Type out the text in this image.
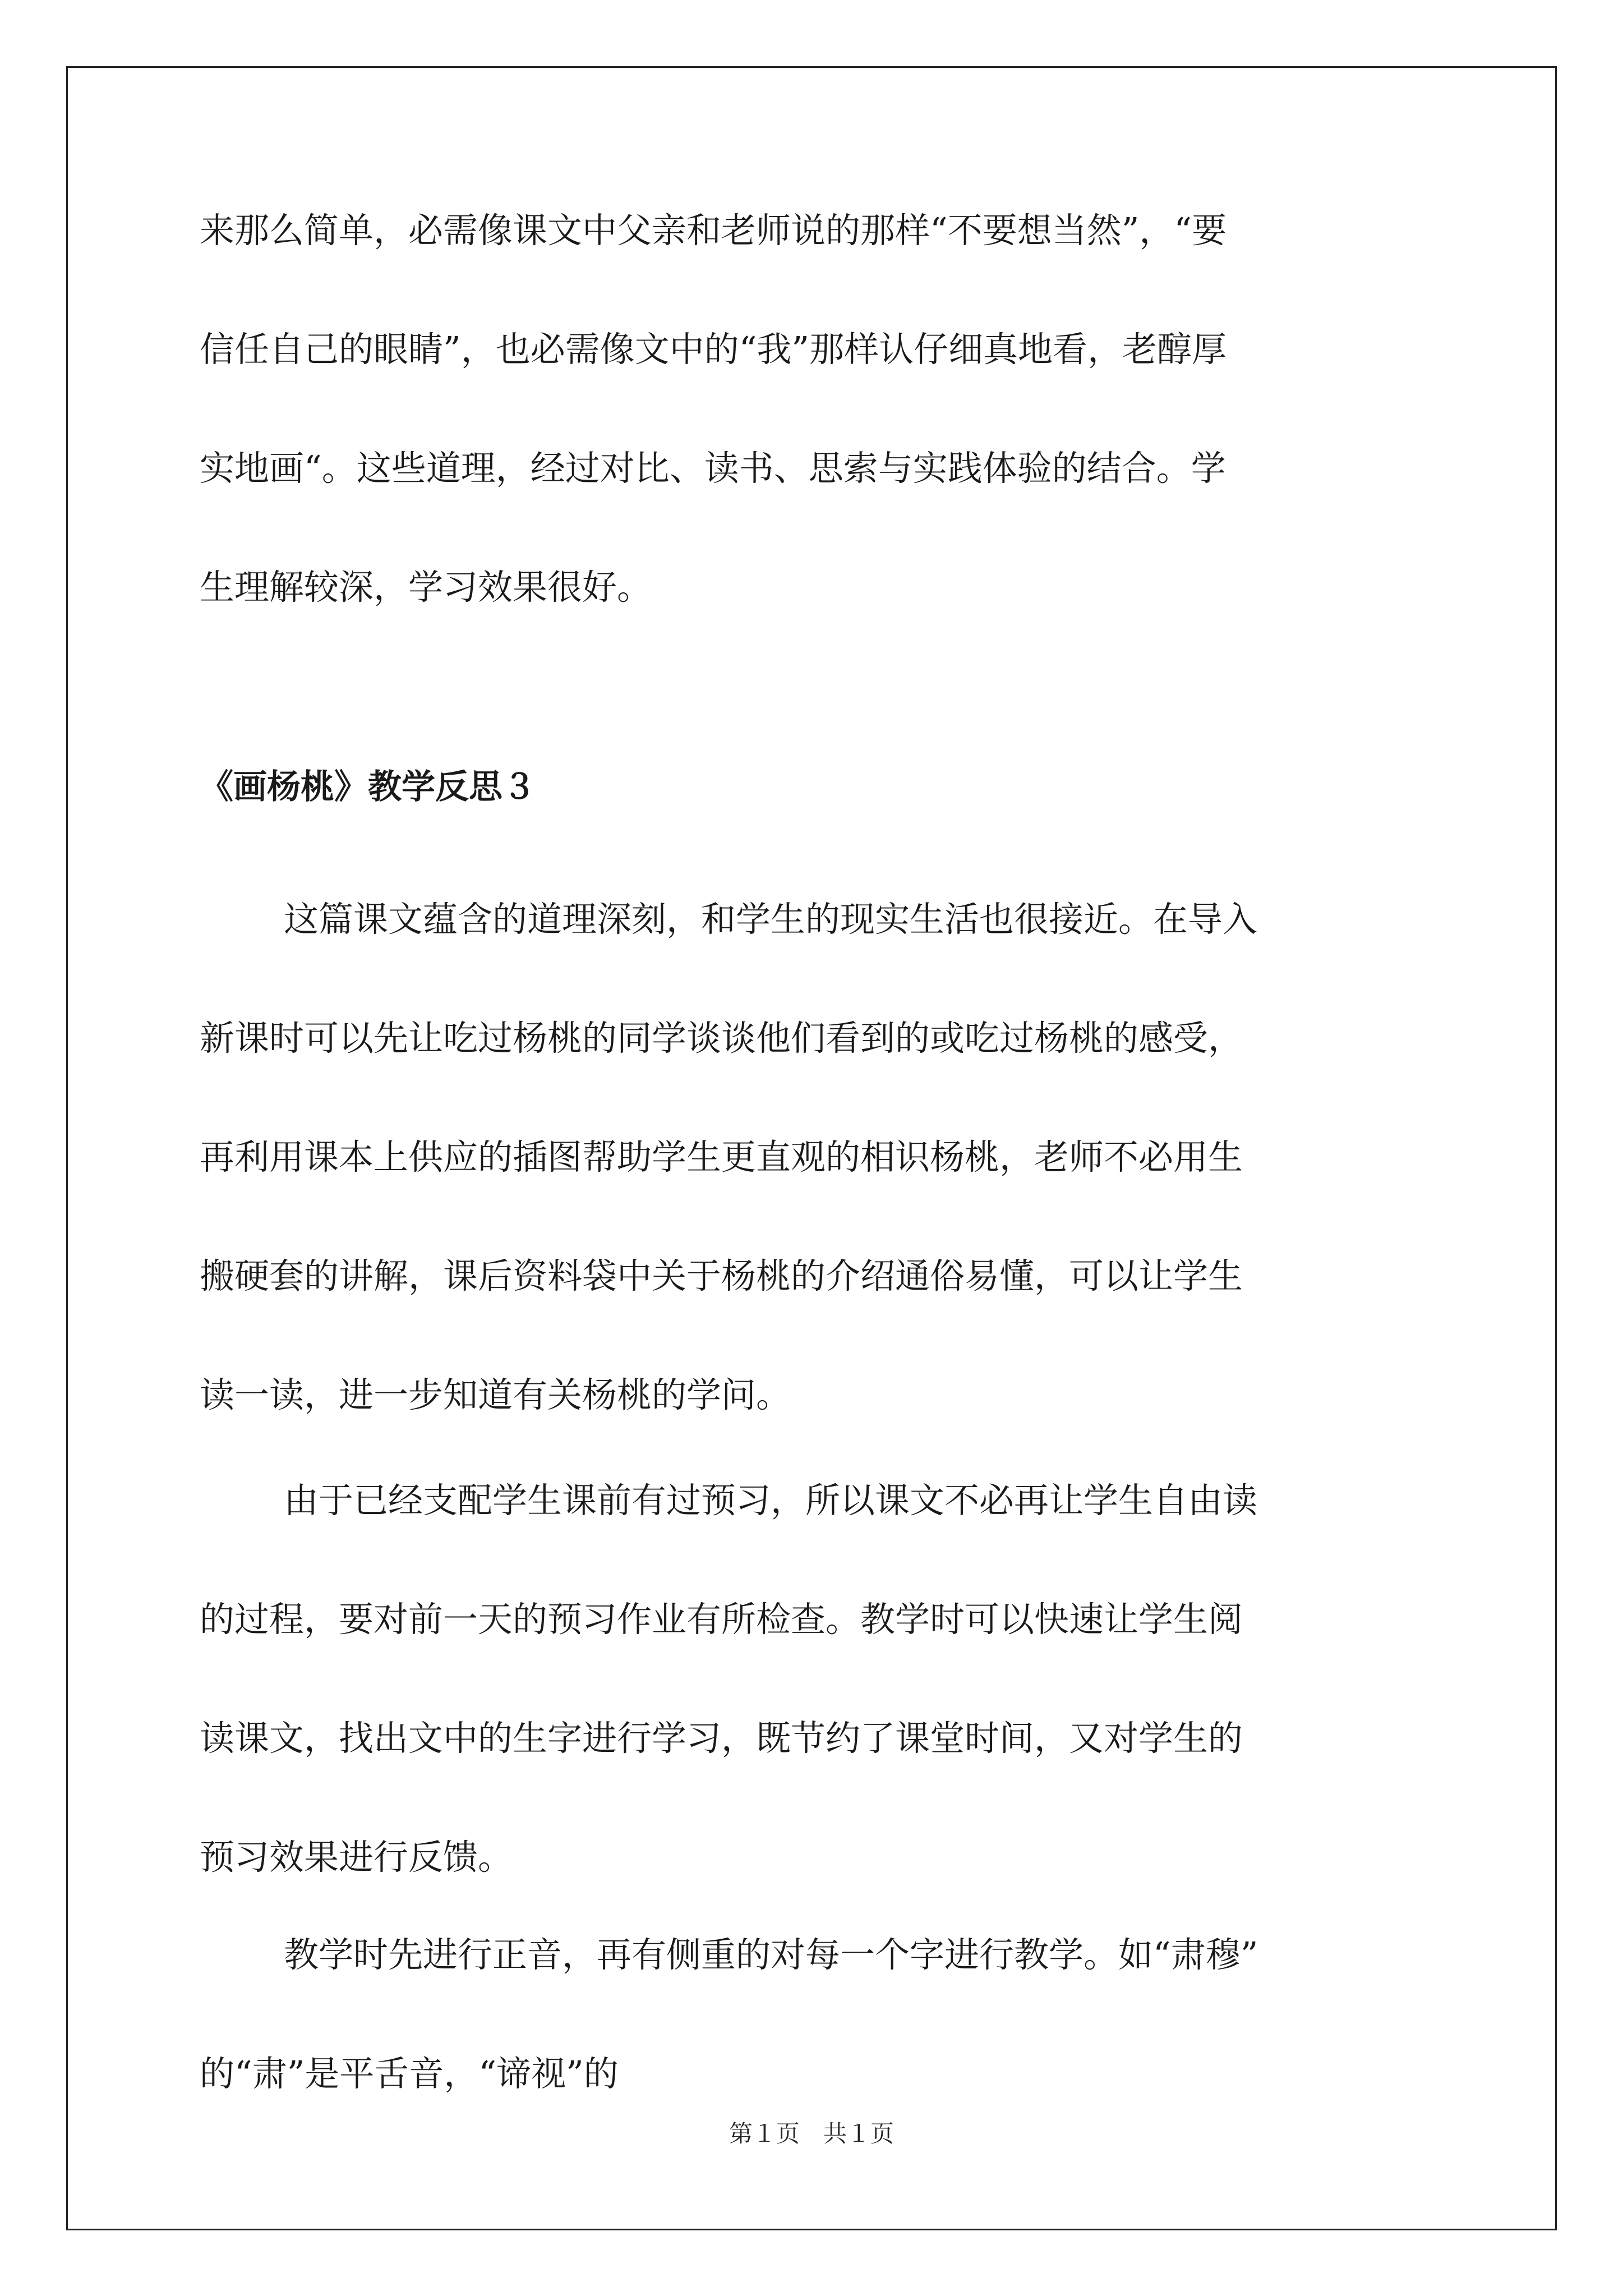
来那么简单，必需像课文中父亲和老师说的那样“不要想当然”，“要

信任自己的眼睛”，也必需像文中的“我”那样认仔细真地看，老醇厚

实地画“。这些道理，经过对比、读书、思索与实践体验的结合。学

生理解较深，学习效果很好。

《画杨桃》教学反思３

这篇课文蕴含的道理深刻，和学生的现实生活也很接近。在导入

新课时可以先让吃过杨桃的同学谈谈他们看到的或吃过杨桃的感受，

再利用课本上供应的插图帮助学生更直观的相识杨桃，老师不必用生

搬硬套的讲解，课后资料袋中关于杨桃的介绍通俗易懂，可以让学生

读一读，进一步知道有关杨桃的学问。

由于已经支配学生课前有过预习，所以课文不必再让学生自由读

的过程，要对前一天的预习作业有所检查。教学时可以快速让学生阅

读课文，找出文中的生字进行学习，既节约了课堂时间，又对学生的

预习效果进行反馈。

教学时先进行正音，再有侧重的对每一个字进行教学。如“肃穆”

的“肃”是平舌音，“谛视”的

第１页　共１页
